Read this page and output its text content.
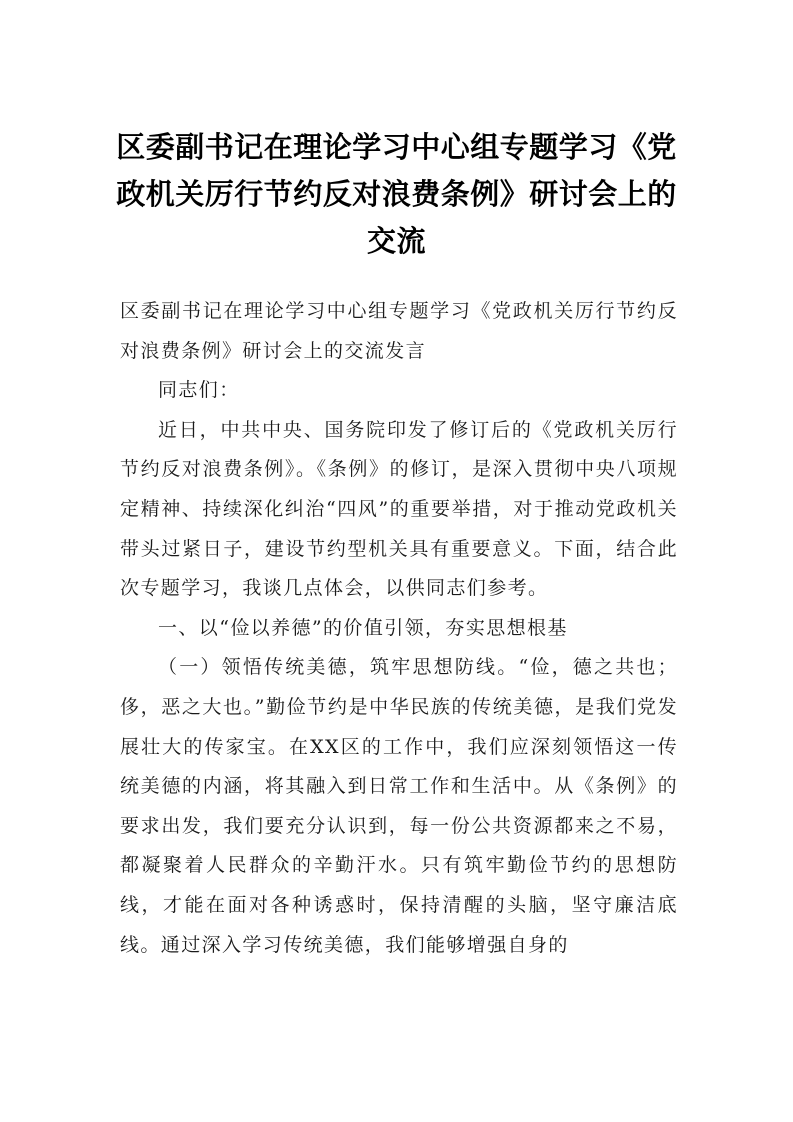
区委副书记在理论学习中心组专题学习《党政机关厉行节约反对浪费条例》研讨会上的交流

区委副书记在理论学习中心组专题学习《党政机关厉行节约反对浪费条例》研讨会上的交流发言

同志们：

近日，中共中央、国务院印发了修订后的《党政机关厉行节约反对浪费条例》。《条例》的修订，是深入贯彻中央八项规定精神、持续深化纠治“四风”的重要举措，对于推动党政机关带头过紧日子，建设节约型机关具有重要意义。下面，结合此次专题学习，我谈几点体会，以供同志们参考。

一、以“俭以养德”的价值引领，夯实思想根基

（一）领悟传统美德，筑牢思想防线。“俭，德之共也；侈，恶之大也。”勤俭节约是中华民族的传统美德，是我们党发展壮大的传家宝。在XX区的工作中，我们应深刻领悟这一传统美德的内涵，将其融入到日常工作和生活中。从《条例》的要求出发，我们要充分认识到，每一份公共资源都来之不易，都凝聚着人民群众的辛勤汗水。只有筑牢勤俭节约的思想防线，才能在面对各种诱惑时，保持清醒的头脑，坚守廉洁底线。通过深入学习传统美德，我们能够增强自身的
